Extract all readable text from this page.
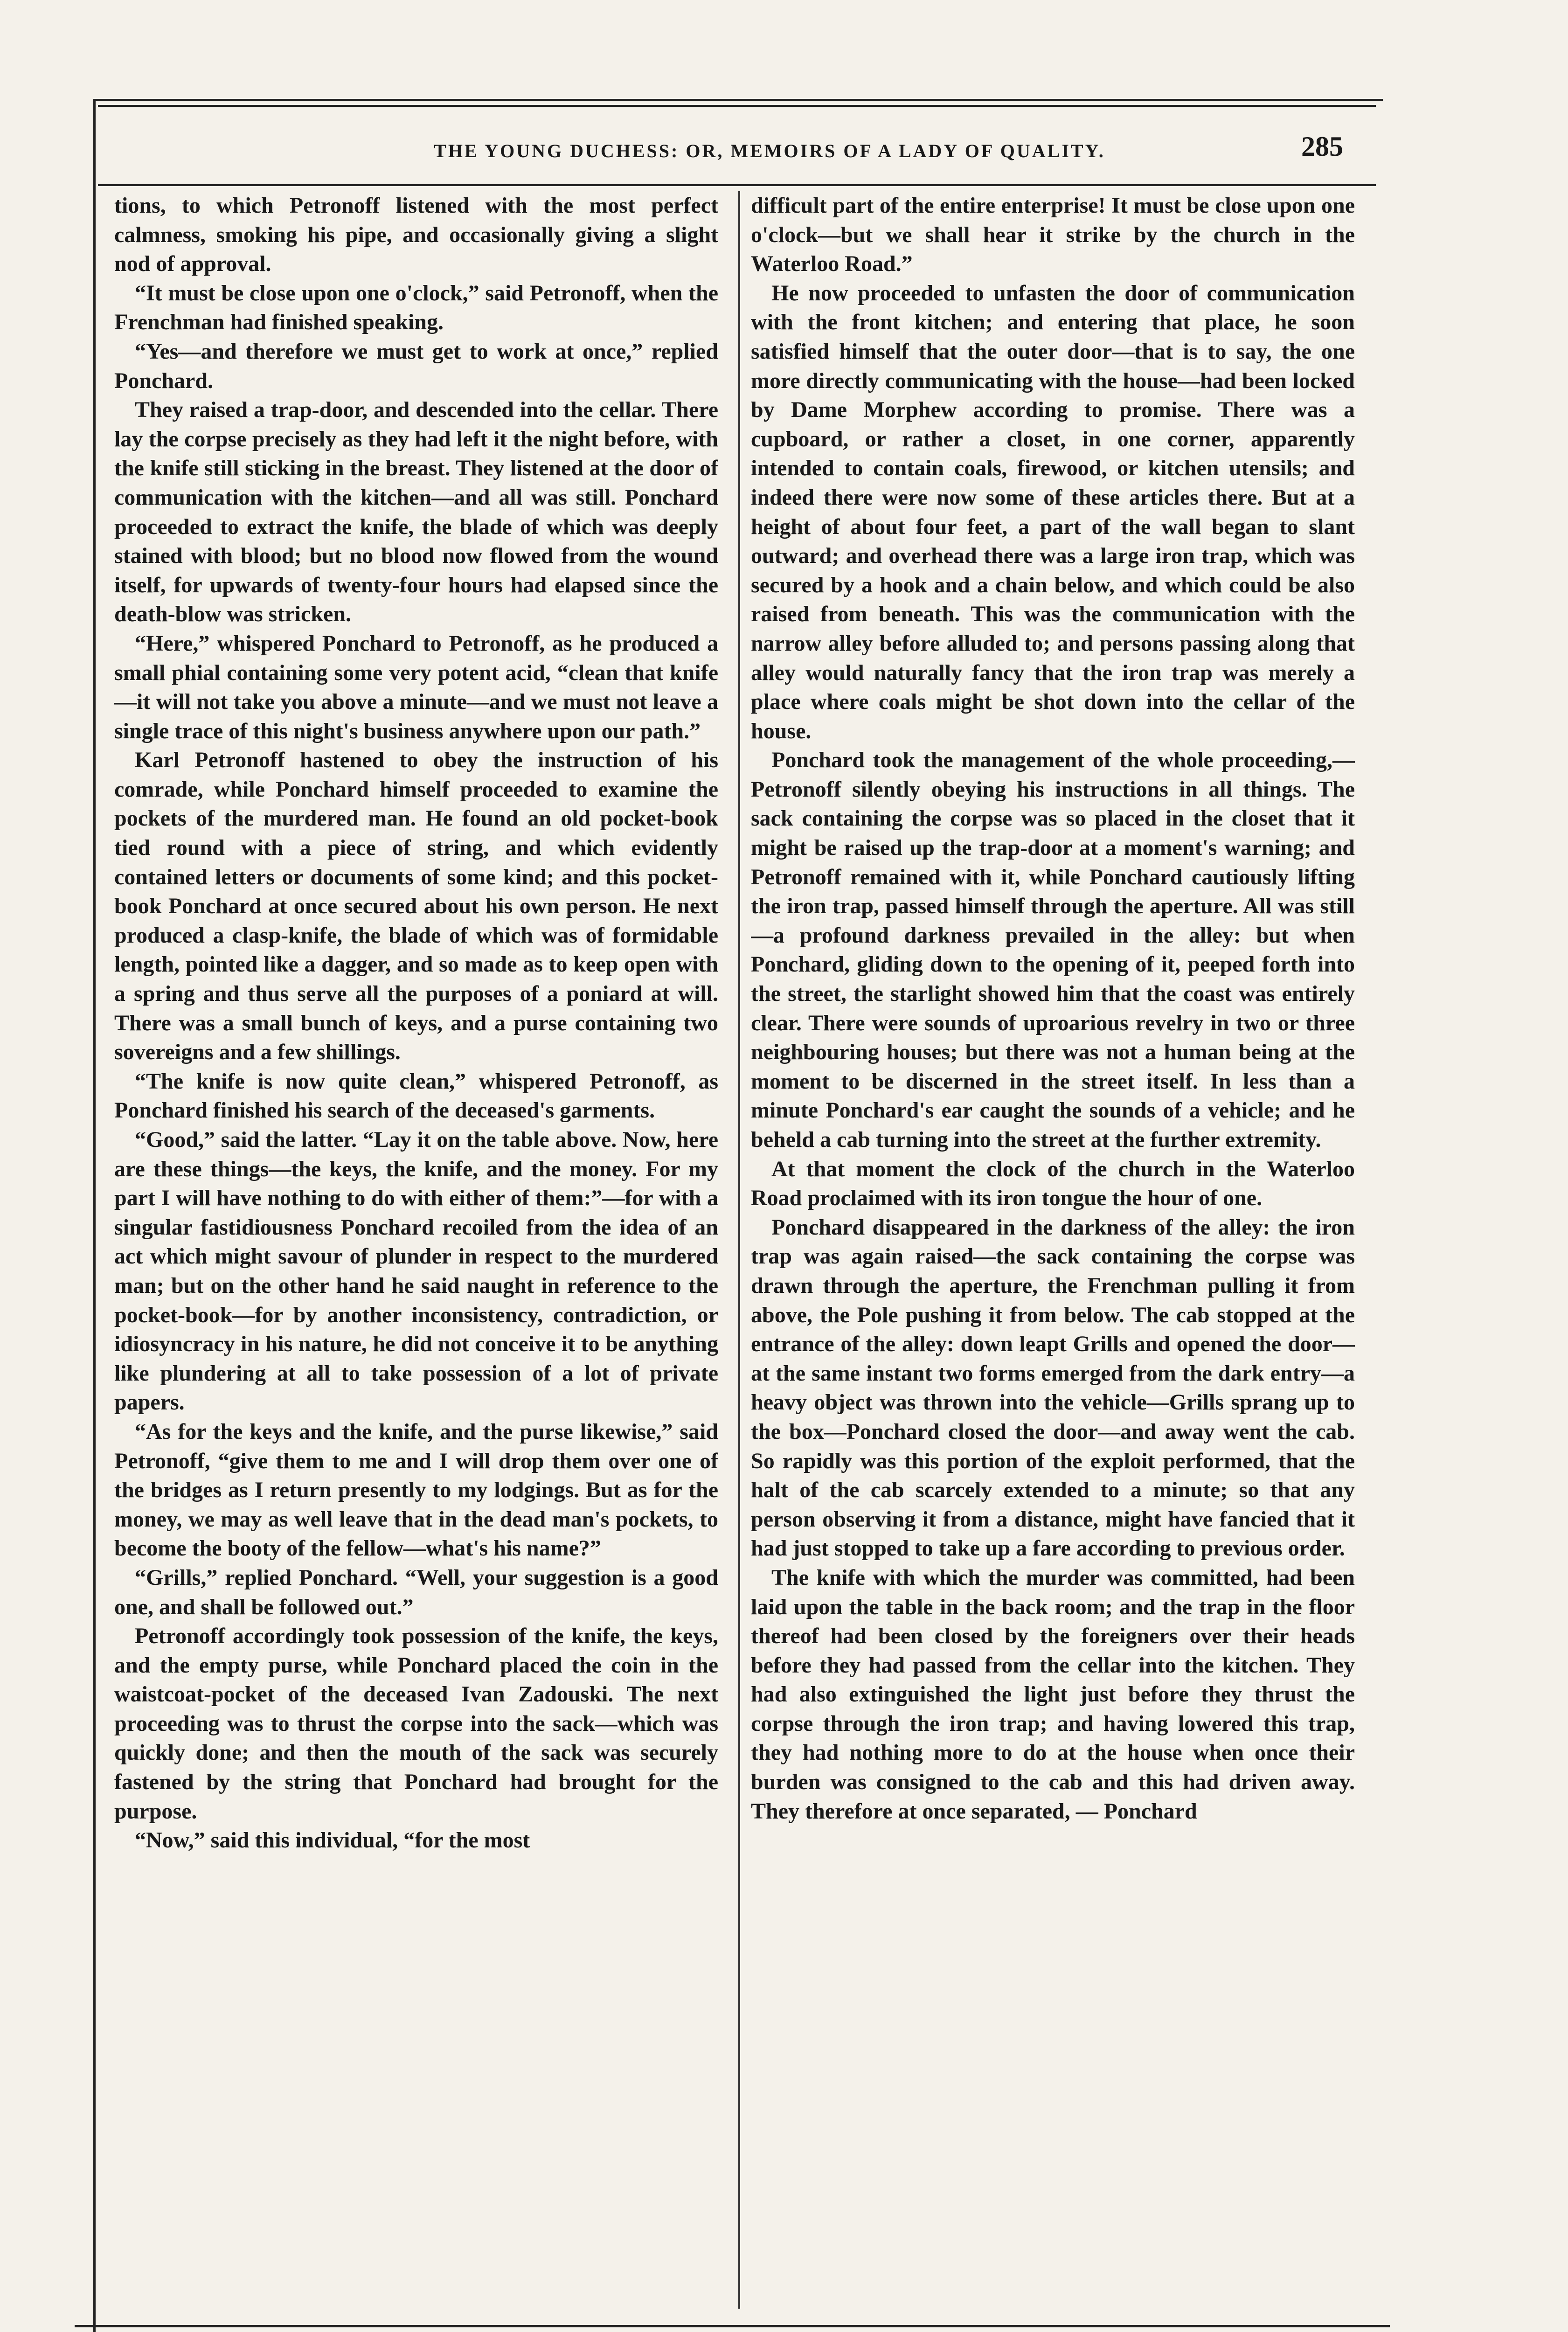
THE YOUNG DUCHESS: OR, MEMOIRS OF A LADY OF QUALITY.	285

tions, to which Petronoff listened with the most perfect calmness, smoking his pipe, and occasionally giving a slight nod of approval.

“It must be close upon one o'clock,” said Petronoff, when the Frenchman had finished speaking.

“Yes—and therefore we must get to work at once,” replied Ponchard.

They raised a trap-door, and descended into the cellar. There lay the corpse precisely as they had left it the night before, with the knife still sticking in the breast. They listened at the door of communication with the kitchen—and all was still. Ponchard proceeded to extract the knife, the blade of which was deeply stained with blood; but no blood now flowed from the wound itself, for upwards of twenty-four hours had elapsed since the death-blow was stricken.

“Here,” whispered Ponchard to Petronoff, as he produced a small phial containing some very potent acid, “clean that knife—it will not take you above a minute—and we must not leave a single trace of this night's business anywhere upon our path.”

Karl Petronoff hastened to obey the instruction of his comrade, while Ponchard himself proceeded to examine the pockets of the murdered man. He found an old pocket-book tied round with a piece of string, and which evidently contained letters or documents of some kind; and this pocket-book Ponchard at once secured about his own person. He next produced a clasp-knife, the blade of which was of formidable length, pointed like a dagger, and so made as to keep open with a spring and thus serve all the purposes of a poniard at will. There was a small bunch of keys, and a purse containing two sovereigns and a few shillings.

“The knife is now quite clean,” whispered Petronoff, as Ponchard finished his search of the deceased's garments.

“Good,” said the latter. “Lay it on the table above. Now, here are these things—the keys, the knife, and the money. For my part I will have nothing to do with either of them:”—for with a singular fastidiousness Ponchard recoiled from the idea of an act which might savour of plunder in respect to the murdered man; but on the other hand he said naught in reference to the pocket-book—for by another inconsistency, contradiction, or idiosyncracy in his nature, he did not conceive it to be anything like plundering at all to take possession of a lot of private papers.

“As for the keys and the knife, and the purse likewise,” said Petronoff, “give them to me and I will drop them over one of the bridges as I return presently to my lodgings. But as for the money, we may as well leave that in the dead man's pockets, to become the booty of the fellow—what's his name?”

“Grills,” replied Ponchard. “Well, your suggestion is a good one, and shall be followed out.”

Petronoff accordingly took possession of the knife, the keys, and the empty purse, while Ponchard placed the coin in the waistcoat-pocket of the deceased Ivan Zadouski. The next proceeding was to thrust the corpse into the sack—which was quickly done; and then the mouth of the sack was securely fastened by the string that Ponchard had brought for the purpose.

“Now,” said this individual, “for the most

difficult part of the entire enterprise! It must be close upon one o'clock—but we shall hear it strike by the church in the Waterloo Road.”

He now proceeded to unfasten the door of communication with the front kitchen; and entering that place, he soon satisfied himself that the outer door—that is to say, the one more directly communicating with the house—had been locked by Dame Morphew according to promise. There was a cupboard, or rather a closet, in one corner, apparently intended to contain coals, firewood, or kitchen utensils; and indeed there were now some of these articles there. But at a height of about four feet, a part of the wall began to slant outward; and overhead there was a large iron trap, which was secured by a hook and a chain below, and which could be also raised from beneath. This was the communication with the narrow alley before alluded to; and persons passing along that alley would naturally fancy that the iron trap was merely a place where coals might be shot down into the cellar of the house.

Ponchard took the management of the whole proceeding,—Petronoff silently obeying his instructions in all things. The sack containing the corpse was so placed in the closet that it might be raised up the trap-door at a moment's warning; and Petronoff remained with it, while Ponchard cautiously lifting the iron trap, passed himself through the aperture. All was still—a profound darkness prevailed in the alley: but when Ponchard, gliding down to the opening of it, peeped forth into the street, the starlight showed him that the coast was entirely clear. There were sounds of uproarious revelry in two or three neighbouring houses; but there was not a human being at the moment to be discerned in the street itself. In less than a minute Ponchard's ear caught the sounds of a vehicle; and he beheld a cab turning into the street at the further extremity.

At that moment the clock of the church in the Waterloo Road proclaimed with its iron tongue the hour of one.

Ponchard disappeared in the darkness of the alley: the iron trap was again raised—the sack containing the corpse was drawn through the aperture, the Frenchman pulling it from above, the Pole pushing it from below. The cab stopped at the entrance of the alley: down leapt Grills and opened the door—at the same instant two forms emerged from the dark entry—a heavy object was thrown into the vehicle—Grills sprang up to the box—Ponchard closed the door—and away went the cab. So rapidly was this portion of the exploit performed, that the halt of the cab scarcely extended to a minute; so that any person observing it from a distance, might have fancied that it had just stopped to take up a fare according to previous order.

The knife with which the murder was committed, had been laid upon the table in the back room; and the trap in the floor thereof had been closed by the foreigners over their heads before they had passed from the cellar into the kitchen. They had also extinguished the light just before they thrust the corpse through the iron trap; and having lowered this trap, they had nothing more to do at the house when once their burden was consigned to the cab and this had driven away. They therefore at once separated, — Ponchard
